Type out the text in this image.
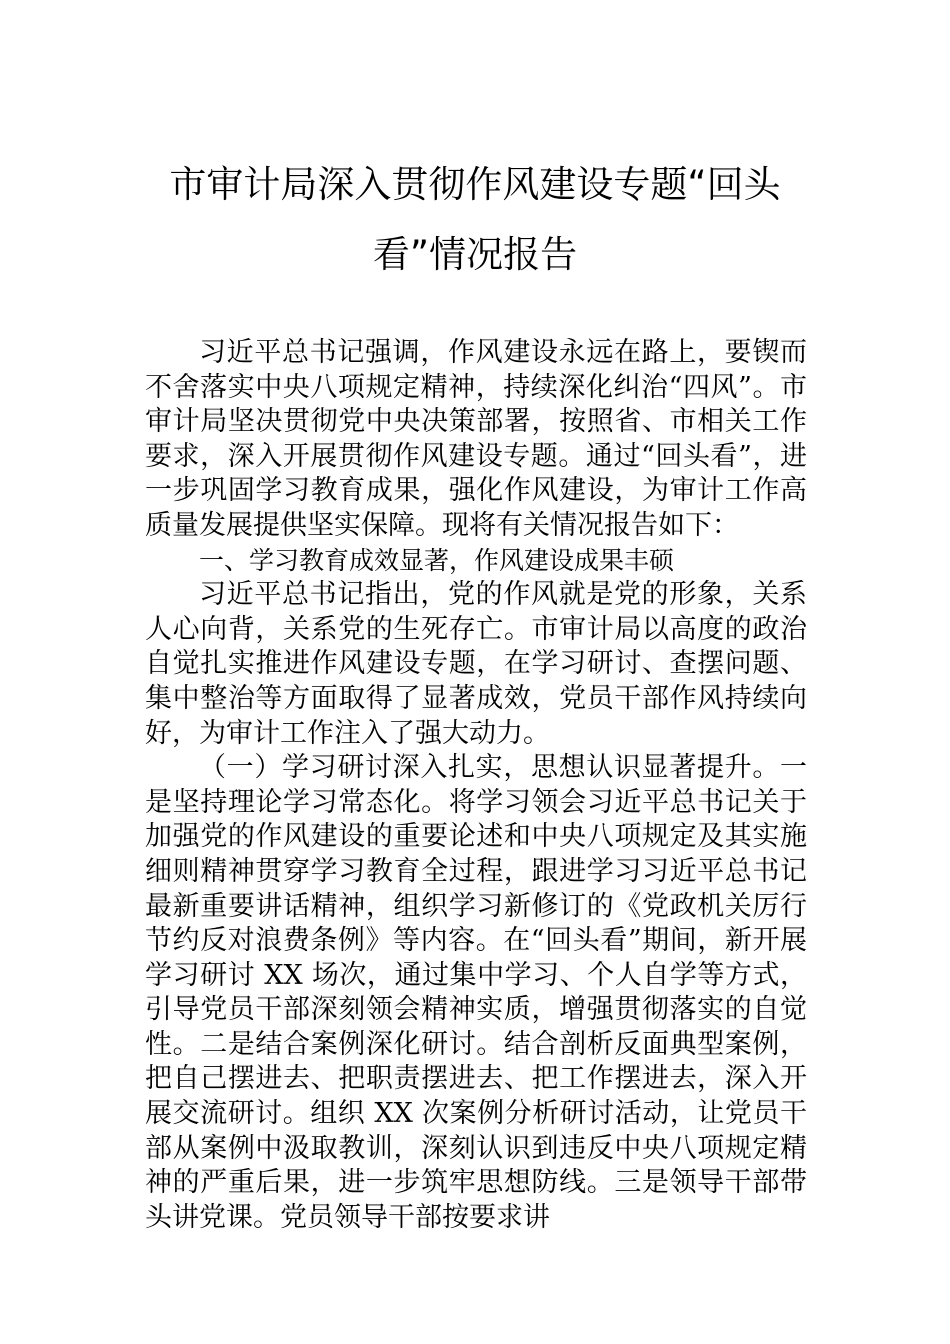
市审计局深入贯彻作风建设专题“回头看”情况报告

习近平总书记强调，作风建设永远在路上，要锲而不舍落实中央八项规定精神，持续深化纠治“四风”。市审计局坚决贯彻党中央决策部署，按照省、市相关工作要求，深入开展贯彻作风建设专题。通过“回头看”，进一步巩固学习教育成果，强化作风建设，为审计工作高质量发展提供坚实保障。现将有关情况报告如下：

一、学习教育成效显著，作风建设成果丰硕

习近平总书记指出，党的作风就是党的形象，关系人心向背，关系党的生死存亡。市审计局以高度的政治自觉扎实推进作风建设专题，在学习研讨、查摆问题、集中整治等方面取得了显著成效，党员干部作风持续向好，为审计工作注入了强大动力。

（一）学习研讨深入扎实，思想认识显著提升。一是坚持理论学习常态化。将学习领会习近平总书记关于加强党的作风建设的重要论述和中央八项规定及其实施细则精神贯穿学习教育全过程，跟进学习习近平总书记最新重要讲话精神，组织学习新修订的《党政机关厉行节约反对浪费条例》等内容。在“回头看”期间，新开展学习研讨 XX 场次，通过集中学习、个人自学等方式，引导党员干部深刻领会精神实质，增强贯彻落实的自觉性。二是结合案例深化研讨。结合剖析反面典型案例，把自己摆进去、把职责摆进去、把工作摆进去，深入开展交流研讨。组织 XX 次案例分析研讨活动，让党员干部从案例中汲取教训，深刻认识到违反中央八项规定精神的严重后果，进一步筑牢思想防线。三是领导干部带头讲党课。党员领导干部按要求讲
